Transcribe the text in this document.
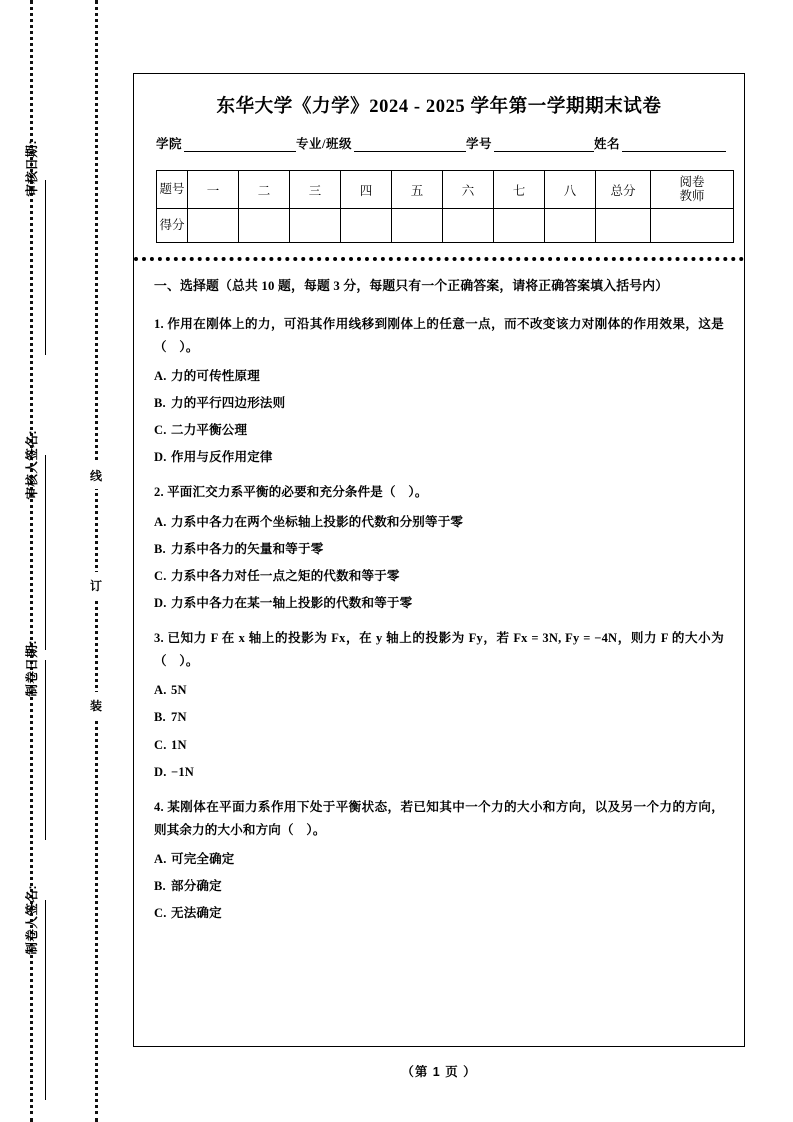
审核日期:
审核人签名:
制卷日期:
制卷人签名:
线
订
装
东华大学《力学》2024 - 2025 学年第一学期期末试卷
学院	专业/班级	学号	姓名
题号	一	二	三	四	五	六	七	八	总分	阅卷
教师

得分										

一、选择题（总共 10 题，每题 3 分，每题只有一个正确答案，请将正确答案填入括号内）

1. 作用在刚体上的力，可沿其作用线移到刚体上的任意一点，而不改变该力对刚体的作用效果，这是（　）。

A. 力的可传性原理

B. 力的平行四边形法则

C. 二力平衡公理

D. 作用与反作用定律

2. 平面汇交力系平衡的必要和充分条件是（　）。

A. 力系中各力在两个坐标轴上投影的代数和分别等于零

B. 力系中各力的矢量和等于零

C. 力系中各力对任一点之矩的代数和等于零

D. 力系中各力在某一轴上投影的代数和等于零

3. 已知力 F 在 x 轴上的投影为 Fx，在 y 轴上的投影为 Fy，若 Fx = 3N, Fy = −4N，则力 F 的大小为（　）。

A. 5N

B. 7N

C. 1N

D. −1N

4. 某刚体在平面力系作用下处于平衡状态，若已知其中一个力的大小和方向，以及另一个力的方向，则其余力的大小和方向（　）。

A. 可完全确定

B. 部分确定

C. 无法确定

（第 1 页 ）
